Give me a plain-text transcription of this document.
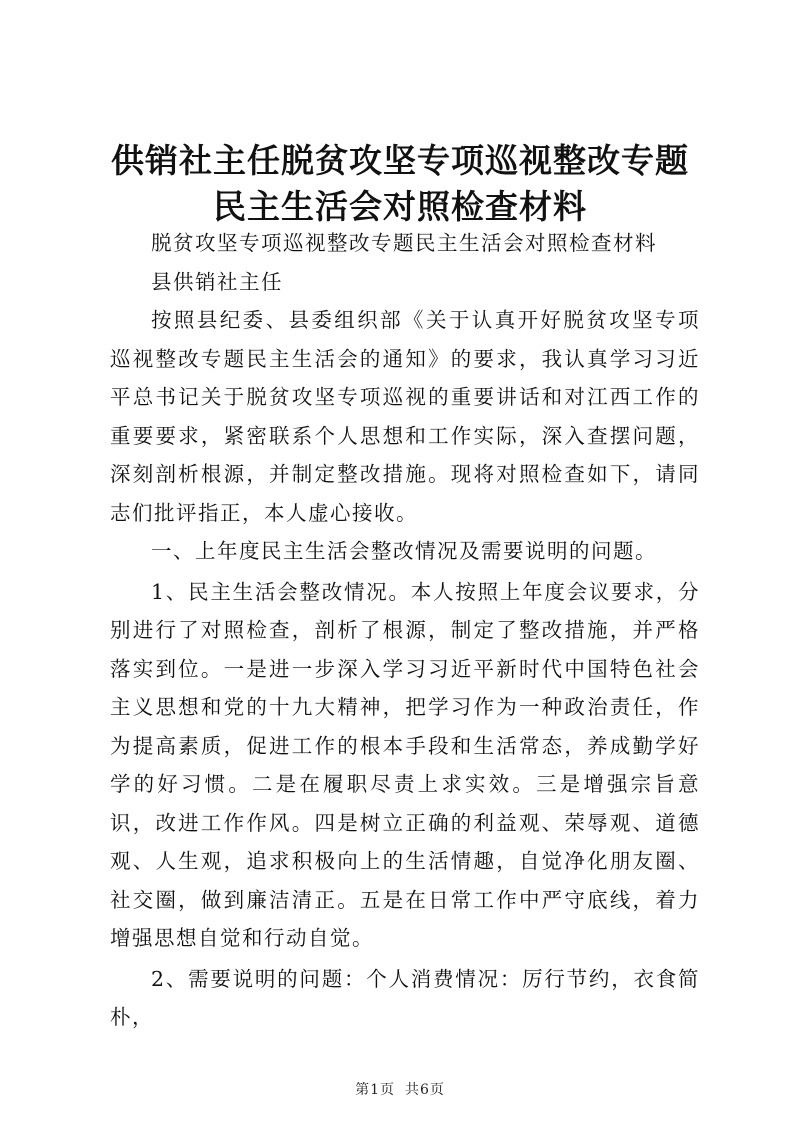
供销社主任脱贫攻坚专项巡视整改专题民主生活会对照检查材料

脱贫攻坚专项巡视整改专题民主生活会对照检查材料

县供销社主任

按照县纪委、县委组织部《关于认真开好脱贫攻坚专项巡视整改专题民主生活会的通知》的要求，我认真学习习近平总书记关于脱贫攻坚专项巡视的重要讲话和对江西工作的重要要求，紧密联系个人思想和工作实际，深入查摆问题，深刻剖析根源，并制定整改措施。现将对照检查如下，请同志们批评指正，本人虚心接收。

一、上年度民主生活会整改情况及需要说明的问题。

1、民主生活会整改情况。本人按照上年度会议要求，分别进行了对照检查，剖析了根源，制定了整改措施，并严格落实到位。一是进一步深入学习习近平新时代中国特色社会主义思想和党的十九大精神，把学习作为一种政治责任，作为提高素质，促进工作的根本手段和生活常态，养成勤学好学的好习惯。二是在履职尽责上求实效。三是增强宗旨意识，改进工作作风。四是树立正确的利益观、荣辱观、道德观、人生观，追求积极向上的生活情趣，自觉净化朋友圈、社交圈，做到廉洁清正。五是在日常工作中严守底线，着力增强思想自觉和行动自觉。

2、需要说明的问题：个人消费情况：厉行节约，衣食简朴，

第1页 共6页
